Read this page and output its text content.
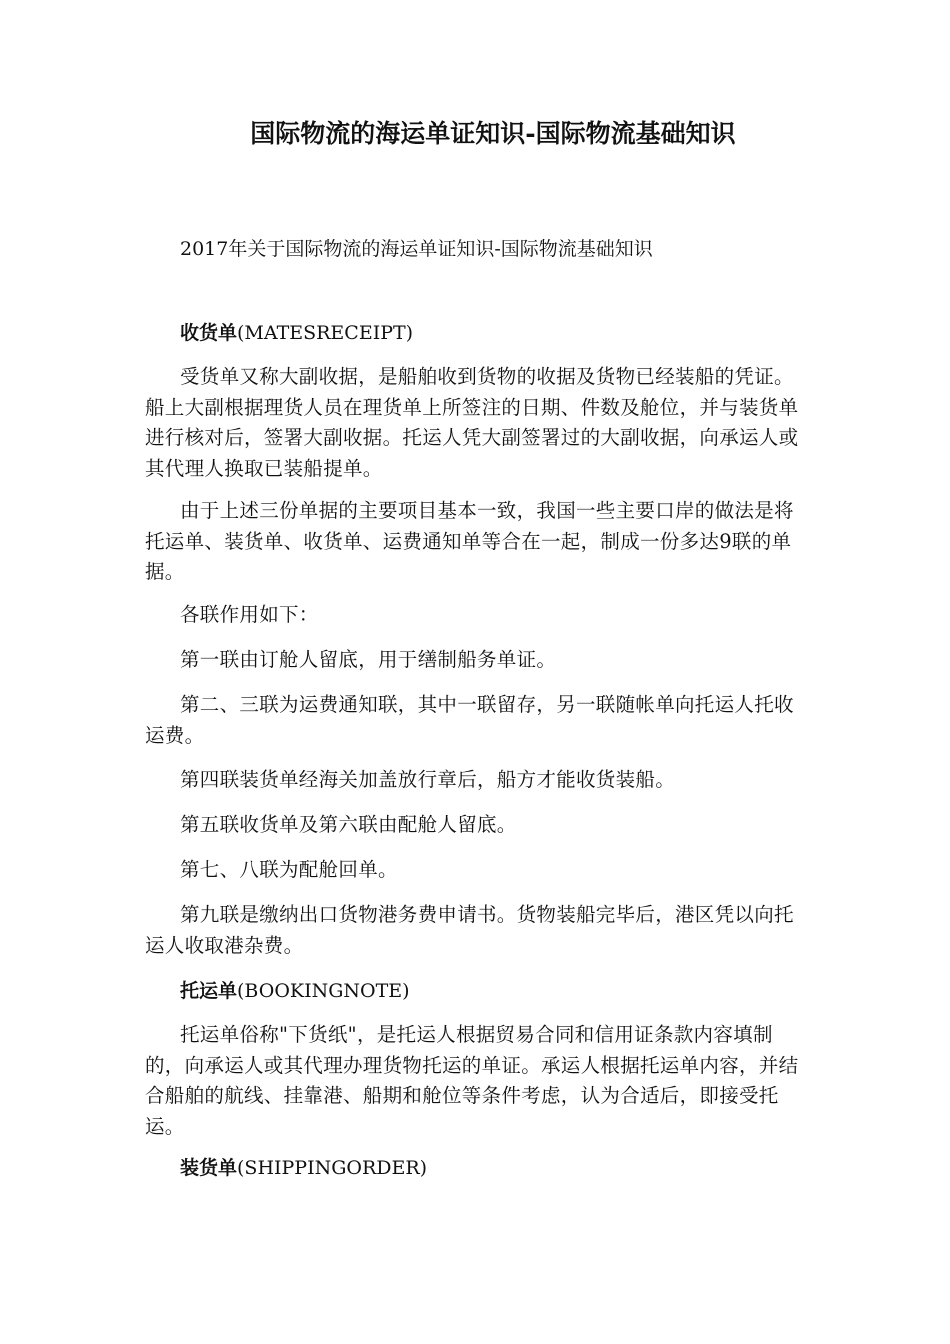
国际物流的海运单证知识-国际物流基础知识
2017年关于国际物流的海运单证知识-国际物流基础知识
收货单(MATESRECEIPT)

受货单又称大副收据，是船舶收到货物的收据及货物已经装船的凭证。船上大副根据理货人员在理货单上所签注的日期、件数及舱位，并与装货单进行核对后，签署大副收据。托运人凭大副签署过的大副收据，向承运人或其代理人换取已装船提单。

由于上述三份单据的主要项目基本一致，我国一些主要口岸的做法是将托运单、装货单、收货单、运费通知单等合在一起，制成一份多达9联的单据。

各联作用如下：

第一联由订舱人留底，用于缮制船务单证。

第二、三联为运费通知联，其中一联留存，另一联随帐单向托运人托收运费。

第四联装货单经海关加盖放行章后，船方才能收货装船。

第五联收货单及第六联由配舱人留底。

第七、八联为配舱回单。

第九联是缴纳出口货物港务费申请书。货物装船完毕后，港区凭以向托运人收取港杂费。

托运单(BOOKINGNOTE)

托运单俗称"下货纸"，是托运人根据贸易合同和信用证条款内容填制的，向承运人或其代理办理货物托运的单证。承运人根据托运单内容，并结合船舶的航线、挂靠港、船期和舱位等条件考虑，认为合适后，即接受托运。

装货单(SHIPPINGORDER)
